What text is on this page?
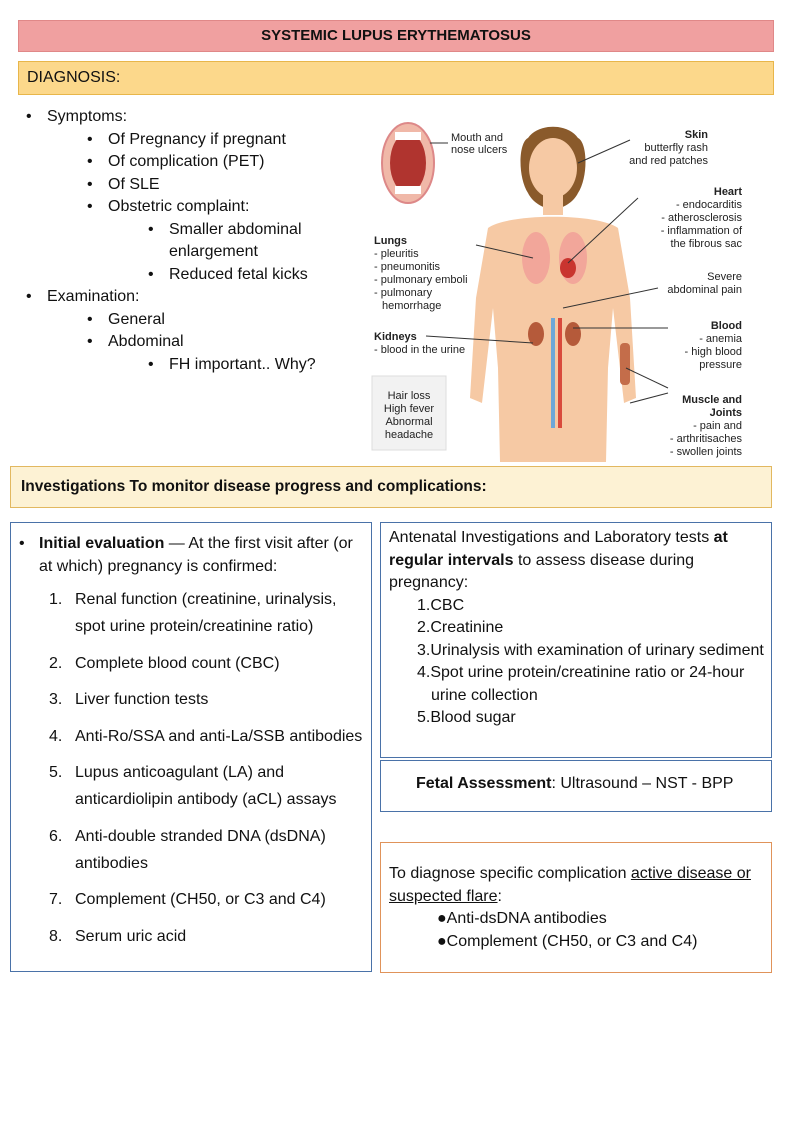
SYSTEMIC LUPUS ERYTHEMATOSUS
DIAGNOSIS:
• Symptoms:
• Of Pregnancy if pregnant
• Of complication (PET)
• Of SLE
• Obstetric complaint:
• Smaller abdominal enlargement
• Reduced fetal kicks
• Examination:
• General
• Abdominal
• FH important.. Why?
Mouth and nose ulcers
Skin butterfly rash and red patches
Heart - endocarditis - atherosclerosis - inflammation of the fibrous sac
Lungs - pleuritis - pneumonitis - pulmonary emboli - pulmonary hemorrhage
Severe abdominal pain
Kidneys - blood in the urine
Blood - anemia - high blood pressure
Muscle and Joints - pain and - arthritisaches - swollen joints
Hair loss High fever Abnormal headache
Investigations To monitor disease progress and complications:
• Initial evaluation — At the first visit after (or at which) pregnancy is confirmed:
1. Renal function (creatinine, urinalysis, spot urine protein/creatinine ratio)
2. Complete blood count (CBC)
3. Liver function tests
4. Anti-Ro/SSA and anti-La/SSB antibodies
5. Lupus anticoagulant (LA) and anticardiolipin antibody (aCL) assays
6. Anti-double stranded DNA (dsDNA) antibodies
7. Complement (CH50, or C3 and C4)
8. Serum uric acid
Antenatal Investigations and Laboratory tests at regular intervals to assess disease during pregnancy:
1.CBC
2.Creatinine
3.Urinalysis with examination of urinary sediment
4.Spot urine protein/creatinine ratio or 24-hour urine collection
5.Blood sugar
Fetal Assessment: Ultrasound – NST - BPP
To diagnose specific complication active disease or suspected flare:
●Anti-dsDNA antibodies
●Complement (CH50, or C3 and C4)
